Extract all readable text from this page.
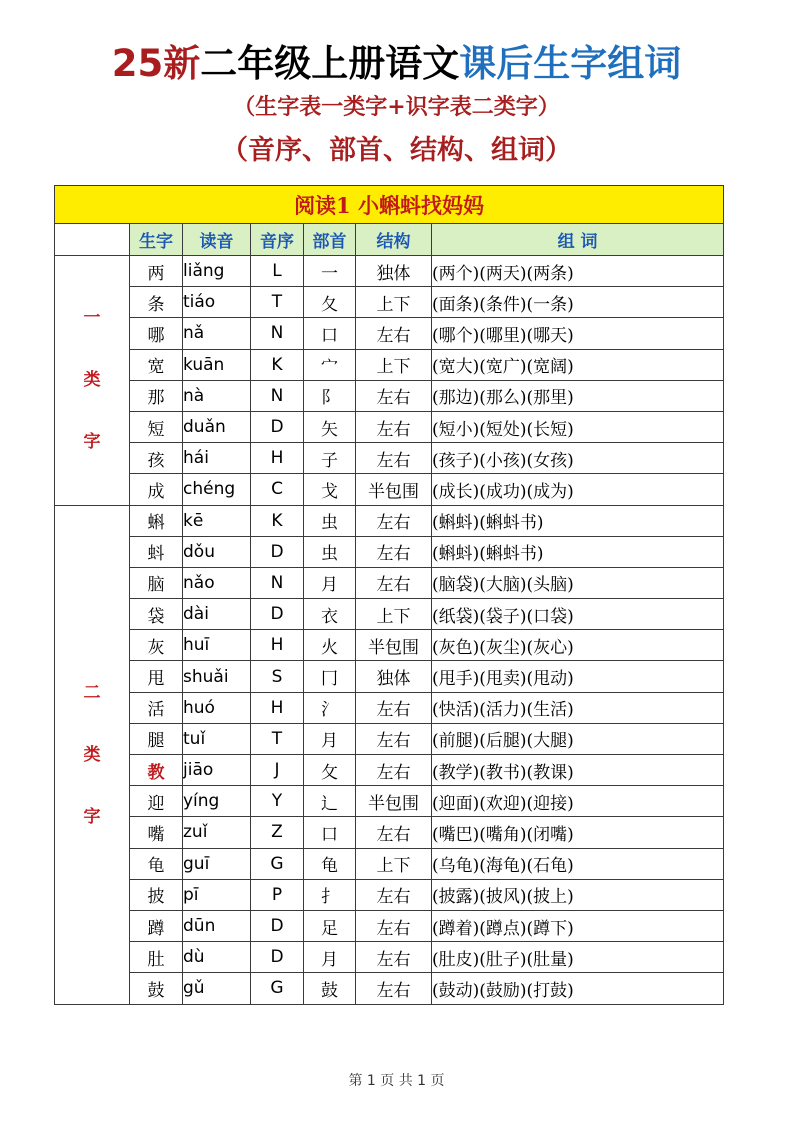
25新二年级上册语文课后生字组词
（生字表一类字+识字表二类字）
（音序、部首、结构、组词）
阅读1 小蝌蚪找妈妈						
	生字	读音	音序	部首	结构	组 词

一
类
字	两	liǎng	L	一	独体	(两个)(两天)(两条)
	条	tiáo	T	夂	上下	(面条)(条件)(一条)
	哪	nǎ	N	口	左右	(哪个)(哪里)(哪天)
	宽	kuān	K	宀	上下	(宽大)(宽广)(宽阔)
	那	nà	N	阝	左右	(那边)(那么)(那里)
	短	duǎn	D	矢	左右	(短小)(短处)(长短)
	孩	hái	H	子	左右	(孩子)(小孩)(女孩)
	成	chéng	C	戈	半包围	(成长)(成功)(成为)

二
类
字	蝌	kē	K	虫	左右	(蝌蚪)(蝌蚪书)
	蚪	dǒu	D	虫	左右	(蝌蚪)(蝌蚪书)
	脑	nǎo	N	月	左右	(脑袋)(大脑)(头脑)
	袋	dài	D	衣	上下	(纸袋)(袋子)(口袋)
	灰	huī	H	火	半包围	(灰色)(灰尘)(灰心)
	甩	shuǎi	S	冂	独体	(甩手)(甩卖)(甩动)
	活	huó	H	氵	左右	(快活)(活力)(生活)
	腿	tuǐ	T	月	左右	(前腿)(后腿)(大腿)
	教	jiāo	J	攵	左右	(教学)(教书)(教课)
	迎	yíng	Y	辶	半包围	(迎面)(欢迎)(迎接)
	嘴	zuǐ	Z	口	左右	(嘴巴)(嘴角)(闭嘴)
	龟	guī	G	龟	上下	(乌龟)(海龟)(石龟)
	披	pī	P	扌	左右	(披露)(披风)(披上)
	蹲	dūn	D	足	左右	(蹲着)(蹲点)(蹲下)
	肚	dù	D	月	左右	(肚皮)(肚子)(肚量)
	鼓	gǔ	G	鼓	左右	(鼓动)(鼓励)(打鼓)
第 1 页 共 1 页
